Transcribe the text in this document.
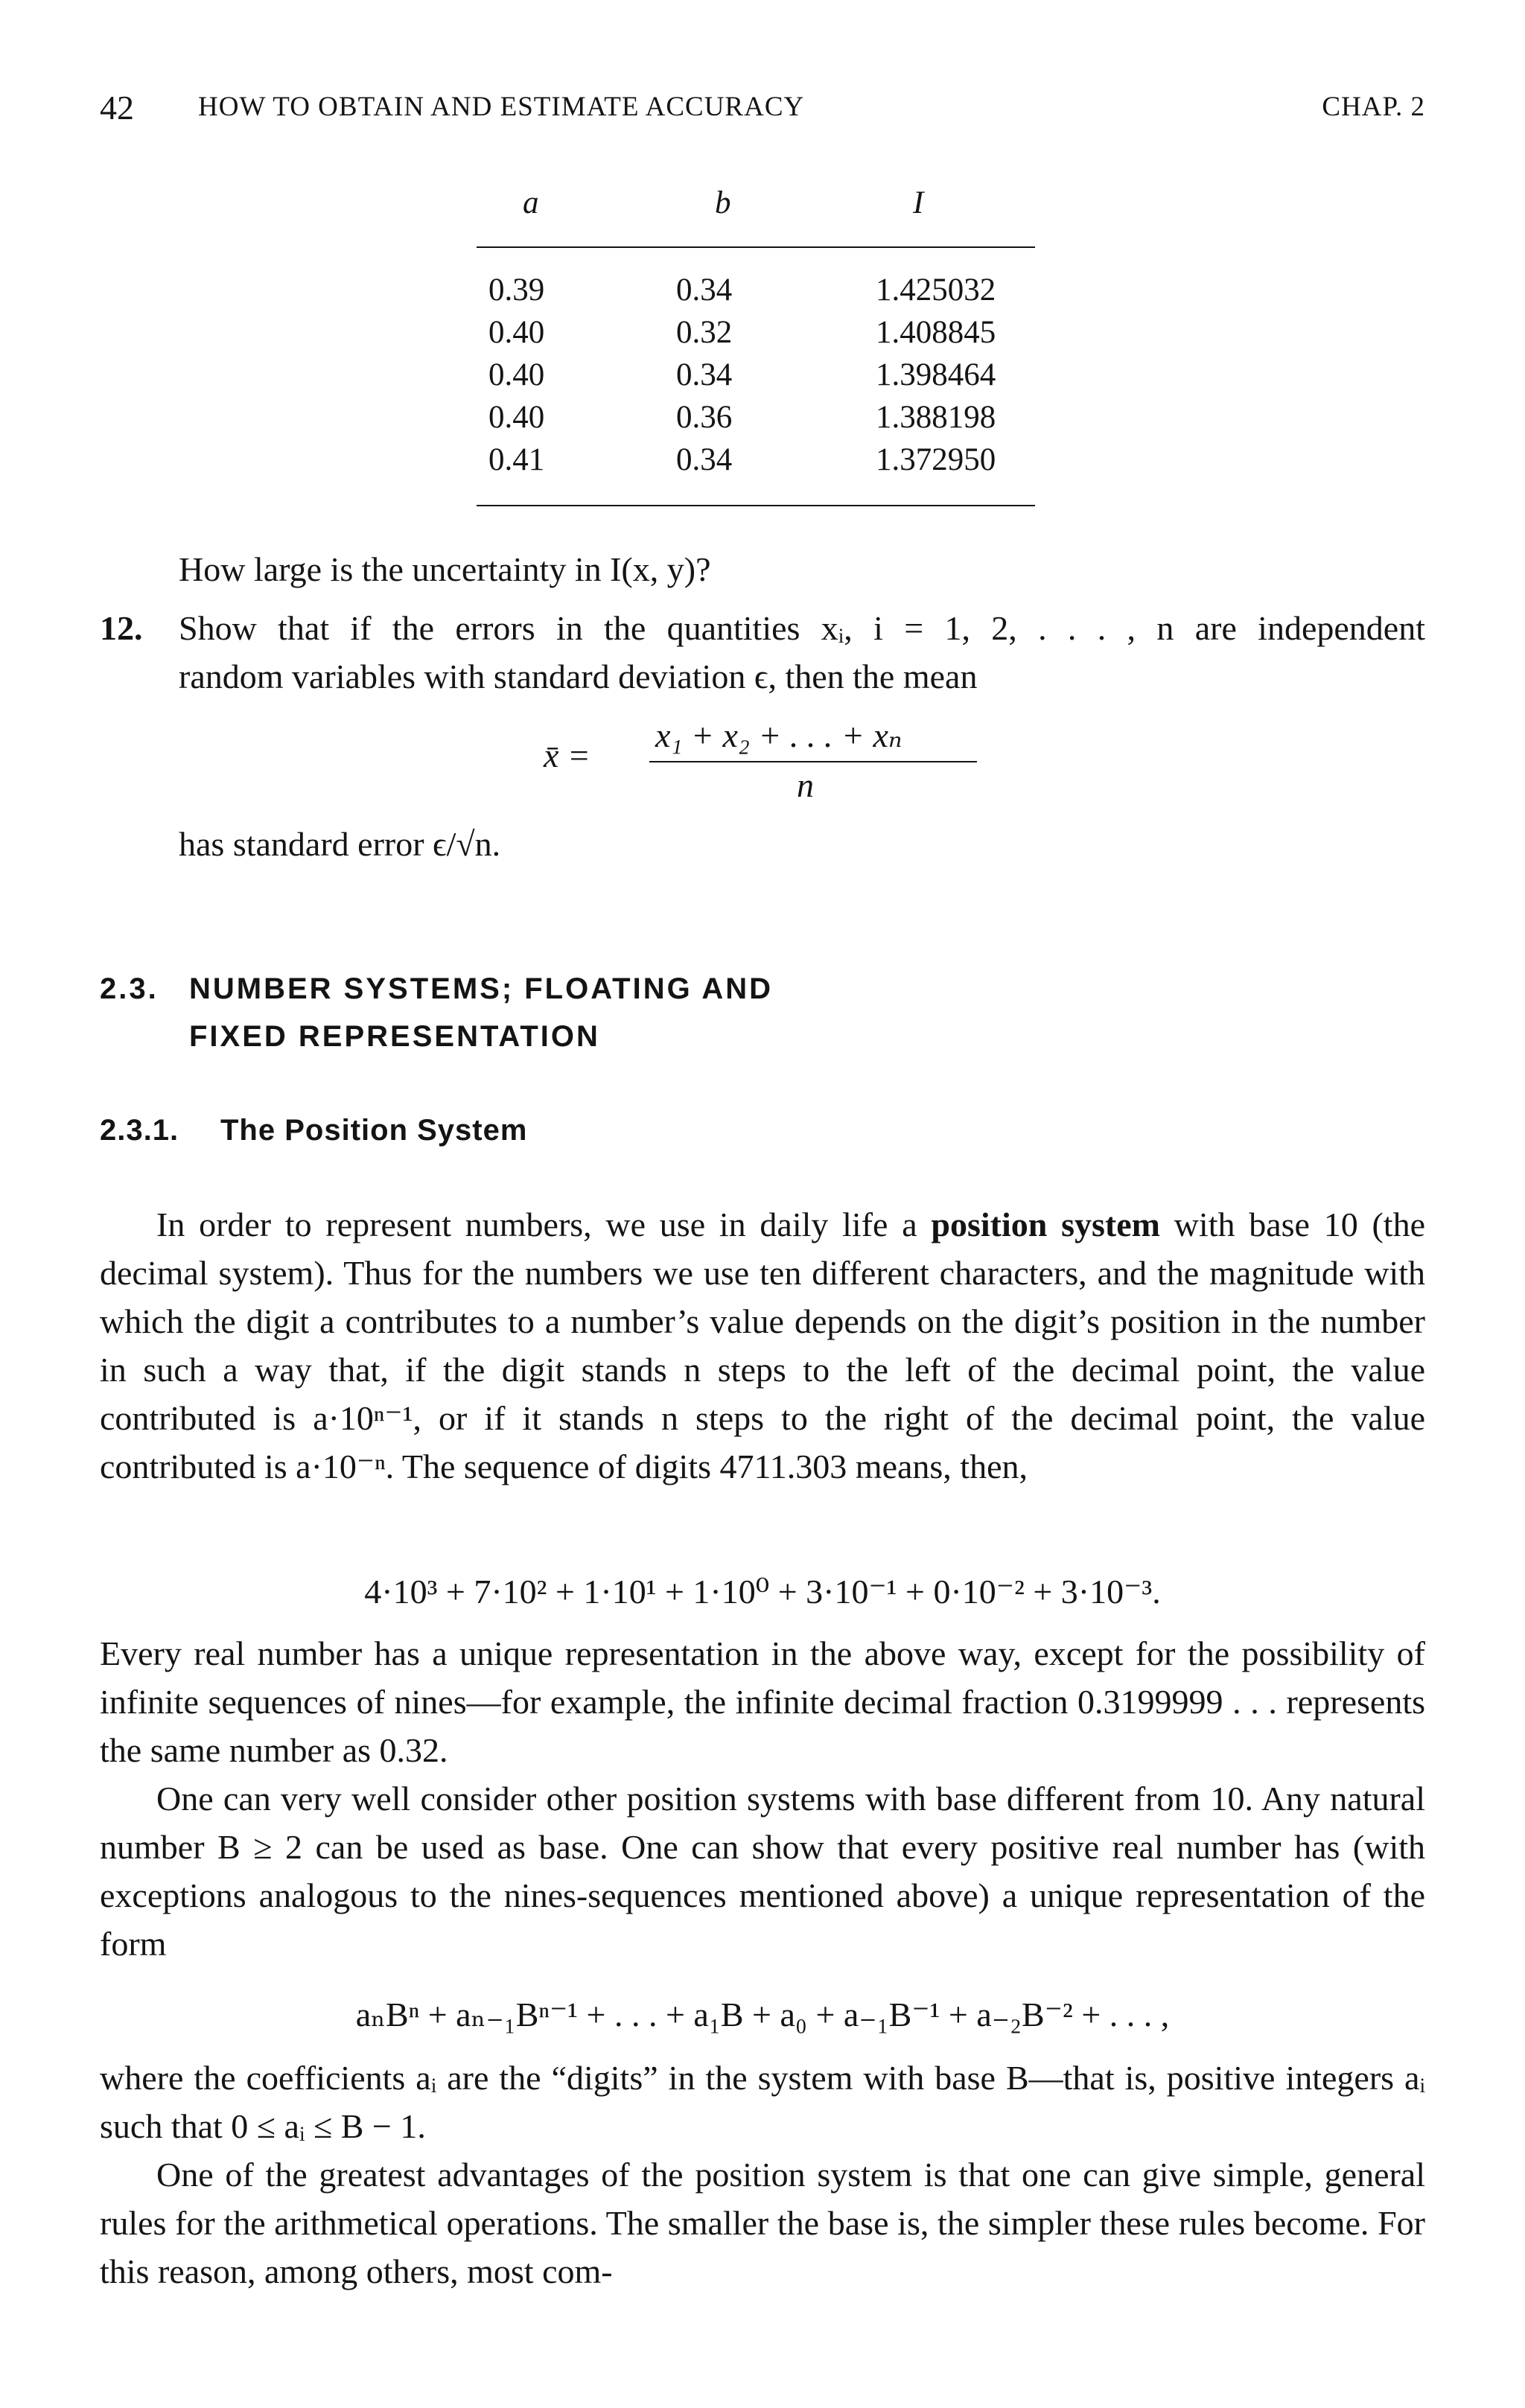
42 HOW TO OBTAIN AND ESTIMATE ACCURACY	CHAP. 2
a	b	I
0.39	0.34	1.425032
0.40	0.32	1.408845
0.40	0.34	1.398464
0.40	0.36	1.388198
0.41	0.34	1.372950
How large is the uncertainty in I(x, y)?
12.	Show that if the errors in the quantities xᵢ, i = 1, 2, . . . , n are independent
random variables with standard deviation ϵ, then the mean
x̄ =
x₁ + x₂ + . . . + xₙ
n
has standard error ϵ/√n.
2.3. NUMBER SYSTEMS; FLOATING AND
FIXED REPRESENTATION
2.3.1. The Position System
In order to represent numbers, we use in daily life a position system with base 10 (the decimal system). Thus for the numbers we use ten different characters, and the magnitude with which the digit a contributes to a number’s value depends on the digit’s position in the number in such a way that, if the digit stands n steps to the left of the decimal point, the value contributed is a·10ⁿ⁻¹, or if it stands n steps to the right of the decimal point, the value contributed is a·10⁻ⁿ. The sequence of digits 4711.303 means, then,
4·10³ + 7·10² + 1·10¹ + 1·10⁰ + 3·10⁻¹ + 0·10⁻² + 3·10⁻³.
Every real number has a unique representation in the above way, except for the possibility of infinite sequences of nines—for example, the infinite decimal fraction 0.3199999 . . . represents the same number as 0.32.
One can very well consider other position systems with base different from 10. Any natural number B ≥ 2 can be used as base. One can show that every positive real number has (with exceptions analogous to the nines-sequences mentioned above) a unique representation of the form
aₙBⁿ + aₙ₋₁Bⁿ⁻¹ + . . . + a₁B + a₀ + a₋₁B⁻¹ + a₋₂B⁻² + . . . ,
where the coefficients aᵢ are the “digits” in the system with base B—that is, positive integers aᵢ such that 0 ≤ aᵢ ≤ B − 1.
One of the greatest advantages of the position system is that one can give simple, general rules for the arithmetical operations. The smaller the base is, the simpler these rules become. For this reason, among others, most com-
